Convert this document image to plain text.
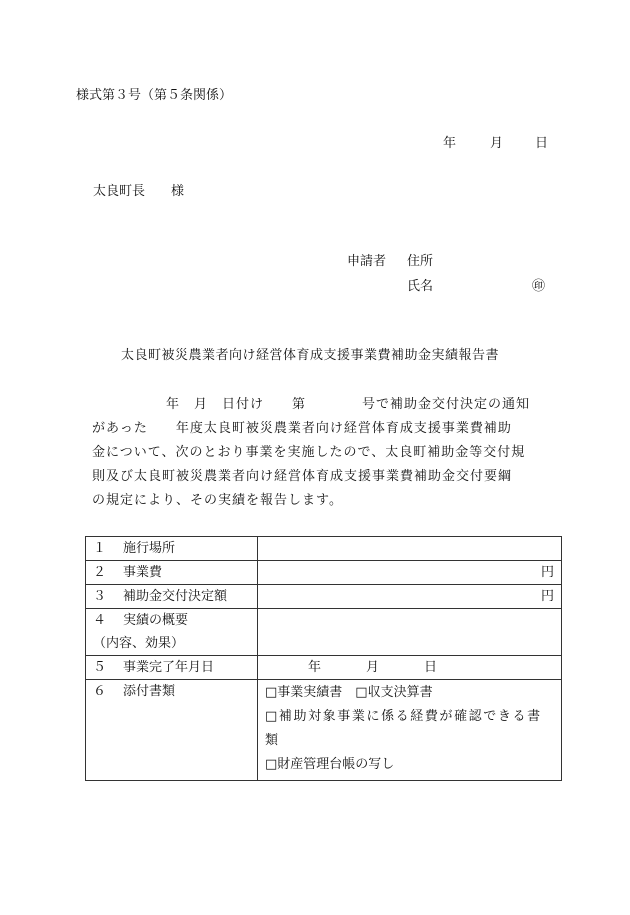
様式第３号（第５条関係）
年	月 日
太良町長　　様
申請者 住所
氏名	㊞
太良町被災農業者向け経営体育成支援事業費補助金実績報告書
年　月　日付け　　第　　　　号で補助金交付決定の通知
があった　　年度太良町被災農業者向け経営体育成支援事業費補助
金について、次のとおり事業を実施したので、太良町補助金等交付規
則及び太良町被災農業者向け経営体育成支援事業費補助金交付要綱
の規定により、その実績を報告します。
１ 施行場所	
２ 事業費	円
３ 補助金交付決定額	円
４ 実績の概要
（内容、効果）	
５ 事業完了年月日	年 月 日
６ 添付書類	□事業実績書　□収支決算書
□補助対象事業に係る経費が確認できる書類
□財産管理台帳の写し
